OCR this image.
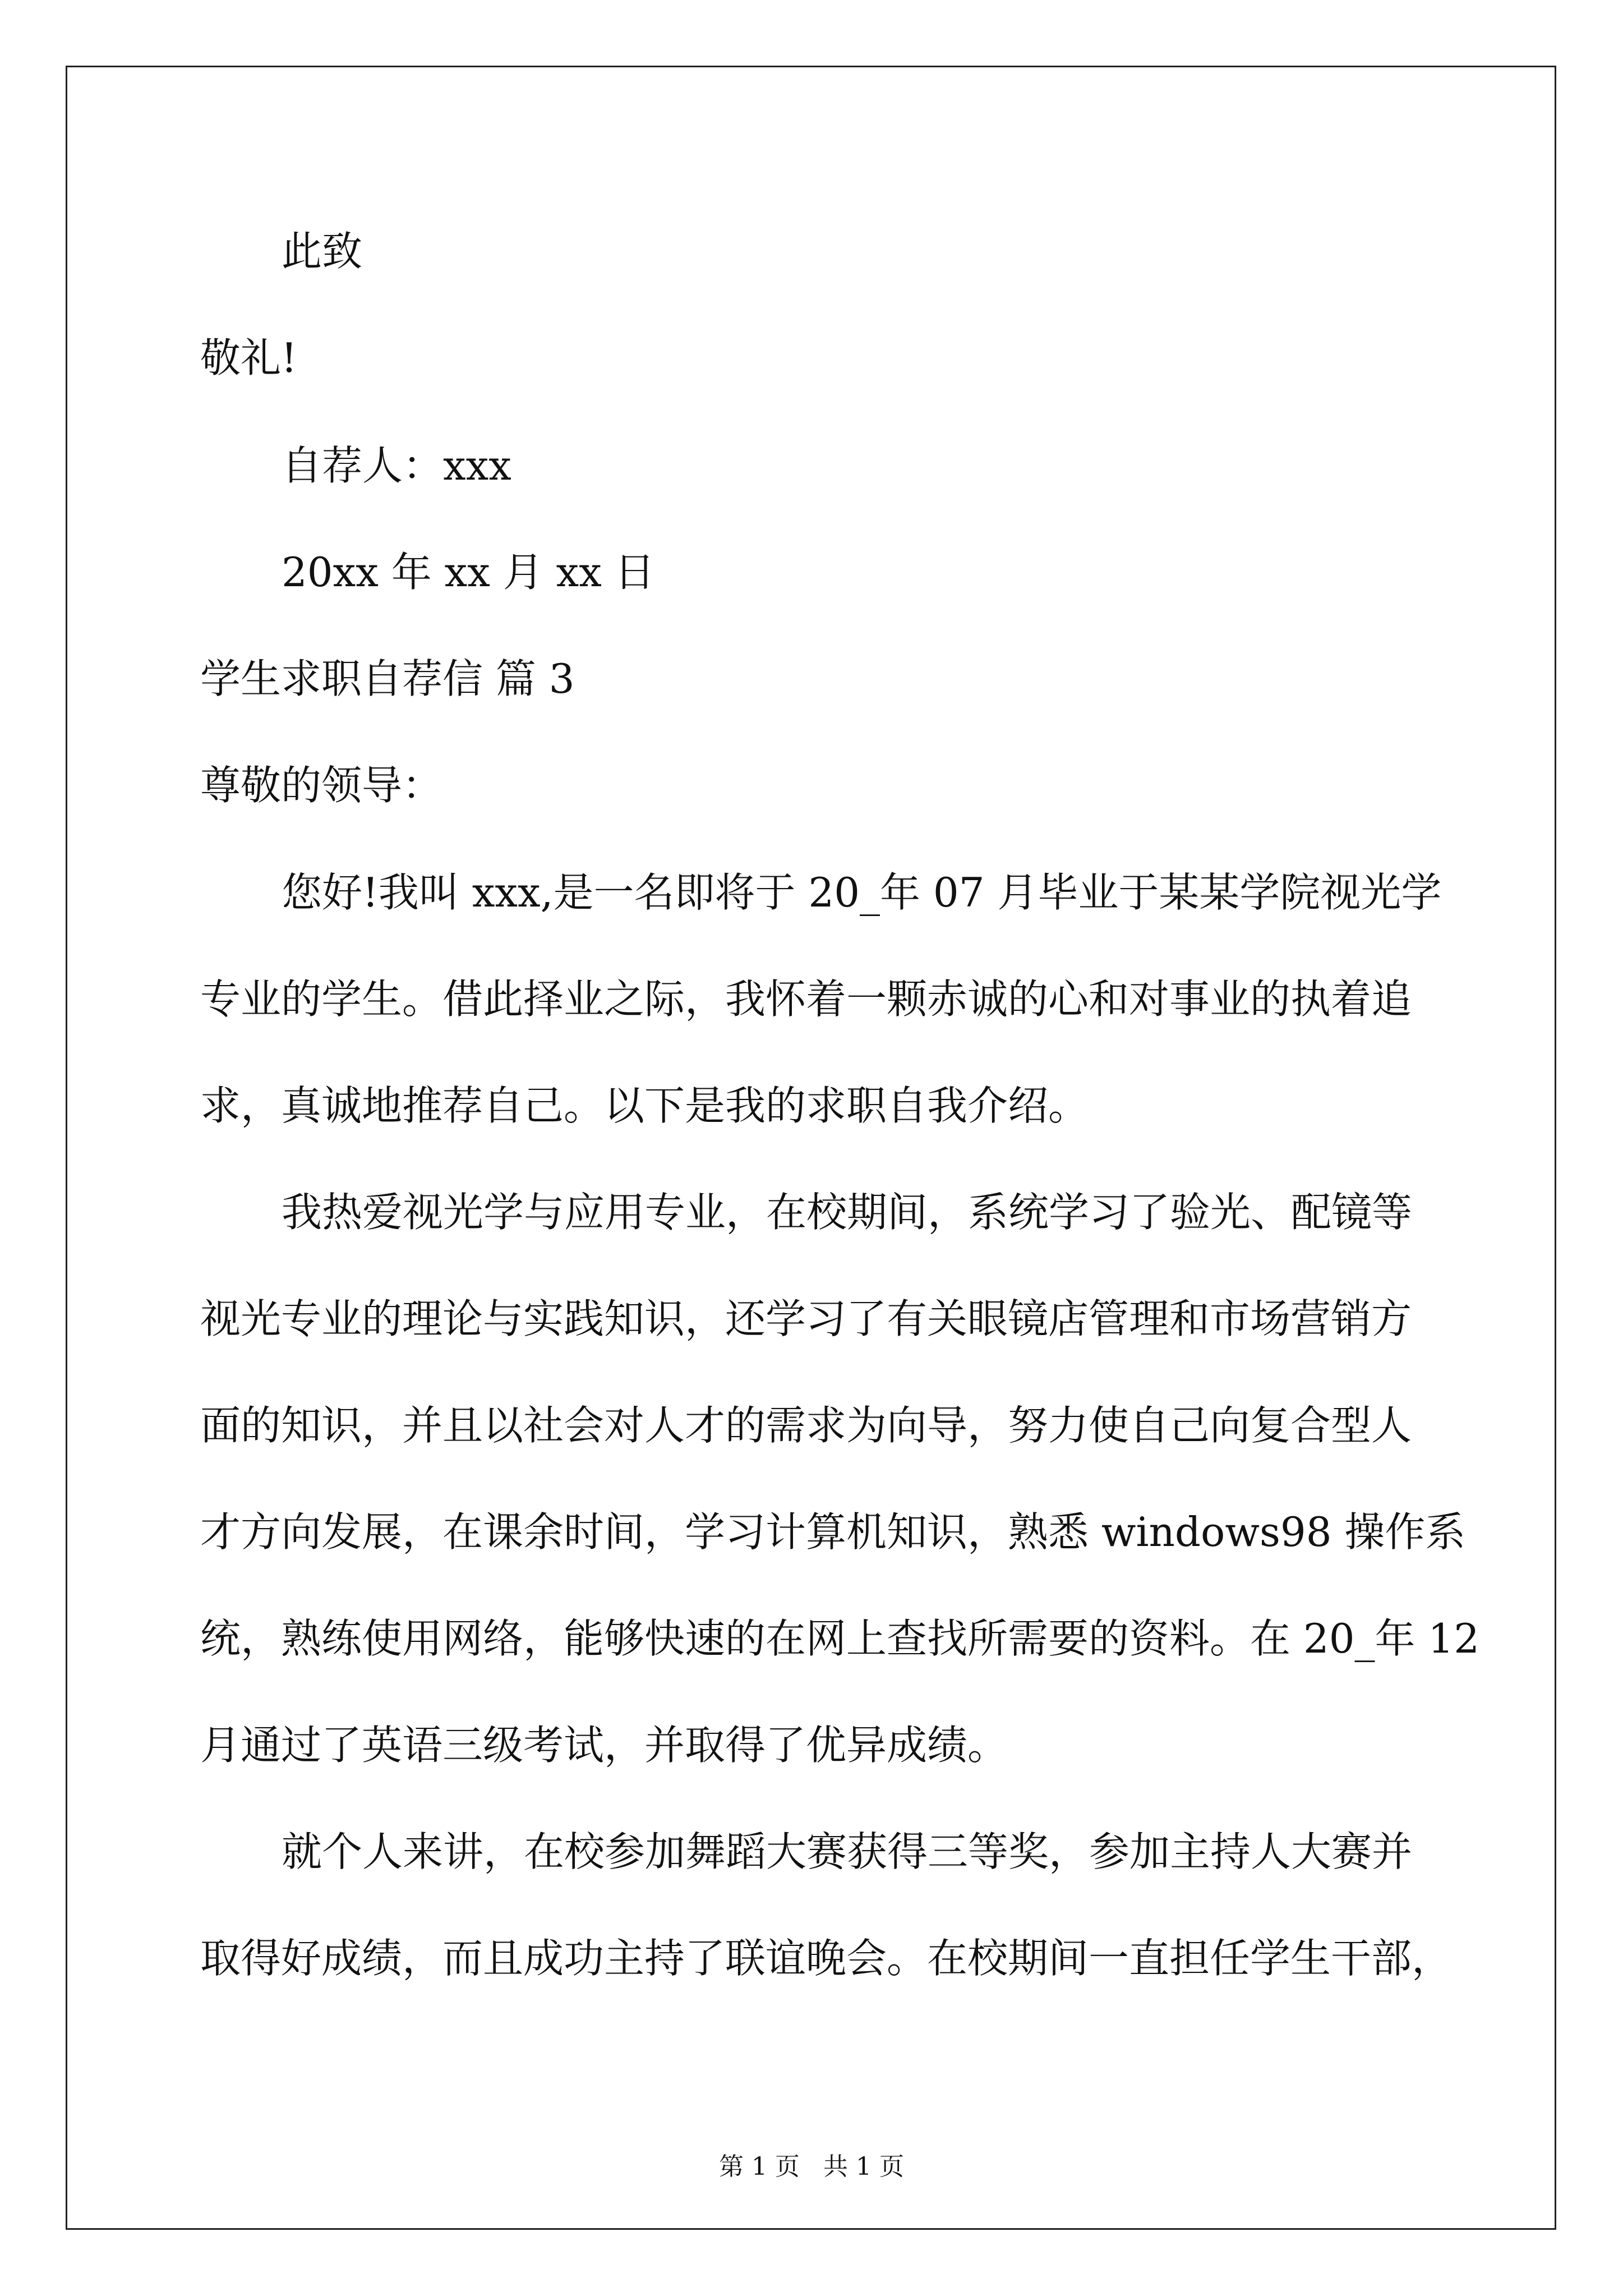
此致
敬礼!
自荐人：xxx
20xx 年 xx 月 xx 日
学生求职自荐信 篇 3
尊敬的领导：
您好!我叫 xxx,是一名即将于 20_年 07 月毕业于某某学院视光学
专业的学生。借此择业之际，我怀着一颗赤诚的心和对事业的执着追
求，真诚地推荐自己。以下是我的求职自我介绍。
我热爱视光学与应用专业，在校期间，系统学习了验光、配镜等
视光专业的理论与实践知识，还学习了有关眼镜店管理和市场营销方
面的知识，并且以社会对人才的需求为向导，努力使自己向复合型人
才方向发展，在课余时间，学习计算机知识，熟悉 windows98 操作系
统，熟练使用网络，能够快速的在网上查找所需要的资料。在 20_年 12
月通过了英语三级考试，并取得了优异成绩。
就个人来讲，在校参加舞蹈大赛获得三等奖，参加主持人大赛并
取得好成绩，而且成功主持了联谊晚会。在校期间一直担任学生干部，
第 1 页   共 1 页
